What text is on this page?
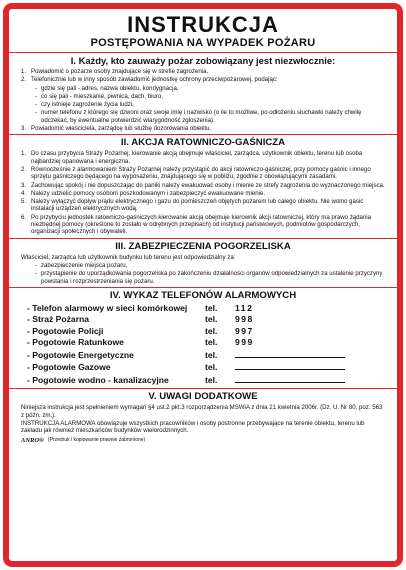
INSTRUKCJA
POSTĘPOWANIA NA WYPADEK POŻARU
I. Każdy, kto zauważy pożar zobowiązany jest niezwłocznie:
1. Powiadomić o pożarze osoby znajdujące się w strefie zagrożenia.
2. Telefonicznie lub w inny sposób zawiadomić jednostkę ochrony przeciwpożarowej, podając:
- gdzie się pali - adres, nazwa obiektu, kondygnacja,
- co się pali - mieszkanie, piwnica, dach, biuro,
- czy istnieje zagrożenie życia ludzi,
- numer telefonu z którego się dzwoni oraz swoje imię i nazwisko (o ile to możliwe, po odłożeniu słuchawki należy chwilę odczekać, by ewentualne potwierdzić wiarygodność zgłoszenia).
3. Powiadomić właściciela, zarządcę lub służbę dozorowania obiektu.
II. AKCJA RATOWNICZO-GAŚNICZA
1. Do czasu przybycia Straży Pożarnej, kierowanie akcją obejmuje właściciel, zarządca, użytkownik obiektu, terenu lub osoba najbardziej opanowana i energiczna.
2. Równocześnie z alarmowaniem Straży Pożarnej należy przystąpić do akcji ratowniczo-gaśniczej, przy pomocy gaśnic i innego sprzętu gaśniczego będącego na wyposażeniu, znajdującego się w pobliżu, zgodnie z obowiązującymi zasadami.
3. Zachowując spokój i nie dopuszczając do paniki należy ewakuować osoby i mienie ze strefy zagrożenia do wyznaczonego miejsca.
4. Należy udzielić pomocy osobom poszkodowanym i zabezpieczyć ewakuowane mienie.
5. Należy wyłączyć dopływ prądu elektrycznego i gazu do pomieszczeń objętych pożarem lub całego obiektu. Nie wolno gasić instalacji urządzeń elektrycznych wodą.
6. Po przybyciu jednostek ratowniczo-gaśniczych kierowanie akcją obejmuje kierownik akcji ratowniczej, który ma prawo żądania niezbędnej pomocy (określone to zostało w odrębnych przepisach) od instytucji państwowych, podmiotów gospodarczych, organizacji społecznych i obywateli.
III. ZABEZPIECZENIA POGORZELISKA
Właściciel, zarządca lub użytkownik budynku lub terenu jest odpowiedzialny za:
- zabezpieczenie miejsca pożaru,
- przystąpienie do uporządkowania pogorzeliska po zakończeniu działalności organów odpowiedzialnych za ustalenie przyczyny powstania i rozprzestrzeniania się pożaru.
IV. WYKAZ TELEFONÓW ALARMOWYCH
- Telefon alarmowy w sieci komórkowej	tel.	112
- Straż Pożarna	tel.	998
- Pogotowie Policji	tel.	997
- Pogotowie Ratunkowe	tel.	999
- Pogotowie Energetyczne	tel.
- Pogotowie Gazowe	tel.
- Pogotowie wodno - kanalizacyjne	tel.
V. UWAGI DODATKOWE
Niniejsza instrukcja jest spełnieniem wymagań §4 ust.2 pkt.3 rozporządzenia MSWiA z dnia 21 kwietnia 2006r. (Dz. U. Nr 80, poz. 563 z późn. zm.).
INSTRUKCJA ALARMOWA obowiązuje wszystkich pracowników i osoby postronne przebywające na terenie obiektu, terenu lub zakładu jak również mieszkańców budynków wielorodzinnych.
ANRO® (Przedruk i kopiowanie prawnie zabronione)
